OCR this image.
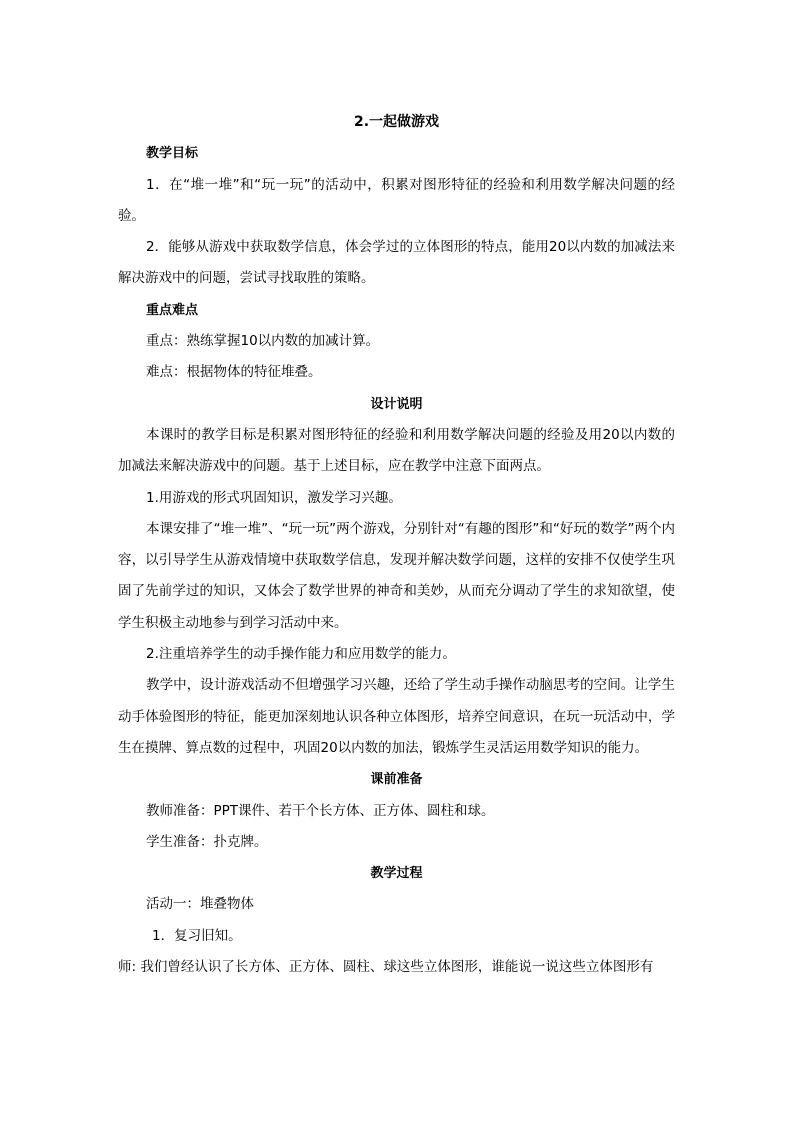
2.一起做游戏

教学目标

1．在“堆一堆”和“玩一玩”的活动中，积累对图形特征的经验和利用数学解决问题的经验。

2．能够从游戏中获取数学信息，体会学过的立体图形的特点，能用20以内数的加减法来解决游戏中的问题，尝试寻找取胜的策略。

重点难点

重点：熟练掌握10以内数的加减计算。

难点：根据物体的特征堆叠。

设计说明

本课时的教学目标是积累对图形特征的经验和利用数学解决问题的经验及用20以内数的加减法来解决游戏中的问题。基于上述目标，应在教学中注意下面两点。

1.用游戏的形式巩固知识，激发学习兴趣。

本课安排了“堆一堆”、“玩一玩”两个游戏，分别针对“有趣的图形”和“好玩的数学”两个内容，以引导学生从游戏情境中获取数学信息，发现并解决数学问题，这样的安排不仅使学生巩固了先前学过的知识，又体会了数学世界的神奇和美妙，从而充分调动了学生的求知欲望，使学生积极主动地参与到学习活动中来。

2.注重培养学生的动手操作能力和应用数学的能力。

教学中，设计游戏活动不但增强学习兴趣，还给了学生动手操作动脑思考的空间。让学生动手体验图形的特征，能更加深刻地认识各种立体图形，培养空间意识，在玩一玩活动中，学生在摸牌、算点数的过程中，巩固20以内数的加法，锻炼学生灵活运用数学知识的能力。

课前准备

教师准备：PPT课件、若干个长方体、正方体、圆柱和球。

学生准备：扑克牌。

教学过程

活动一：堆叠物体

1．复习旧知。

师: 我们曾经认识了长方体、正方体、圆柱、球这些立体图形，谁能说一说这些立体图形有
